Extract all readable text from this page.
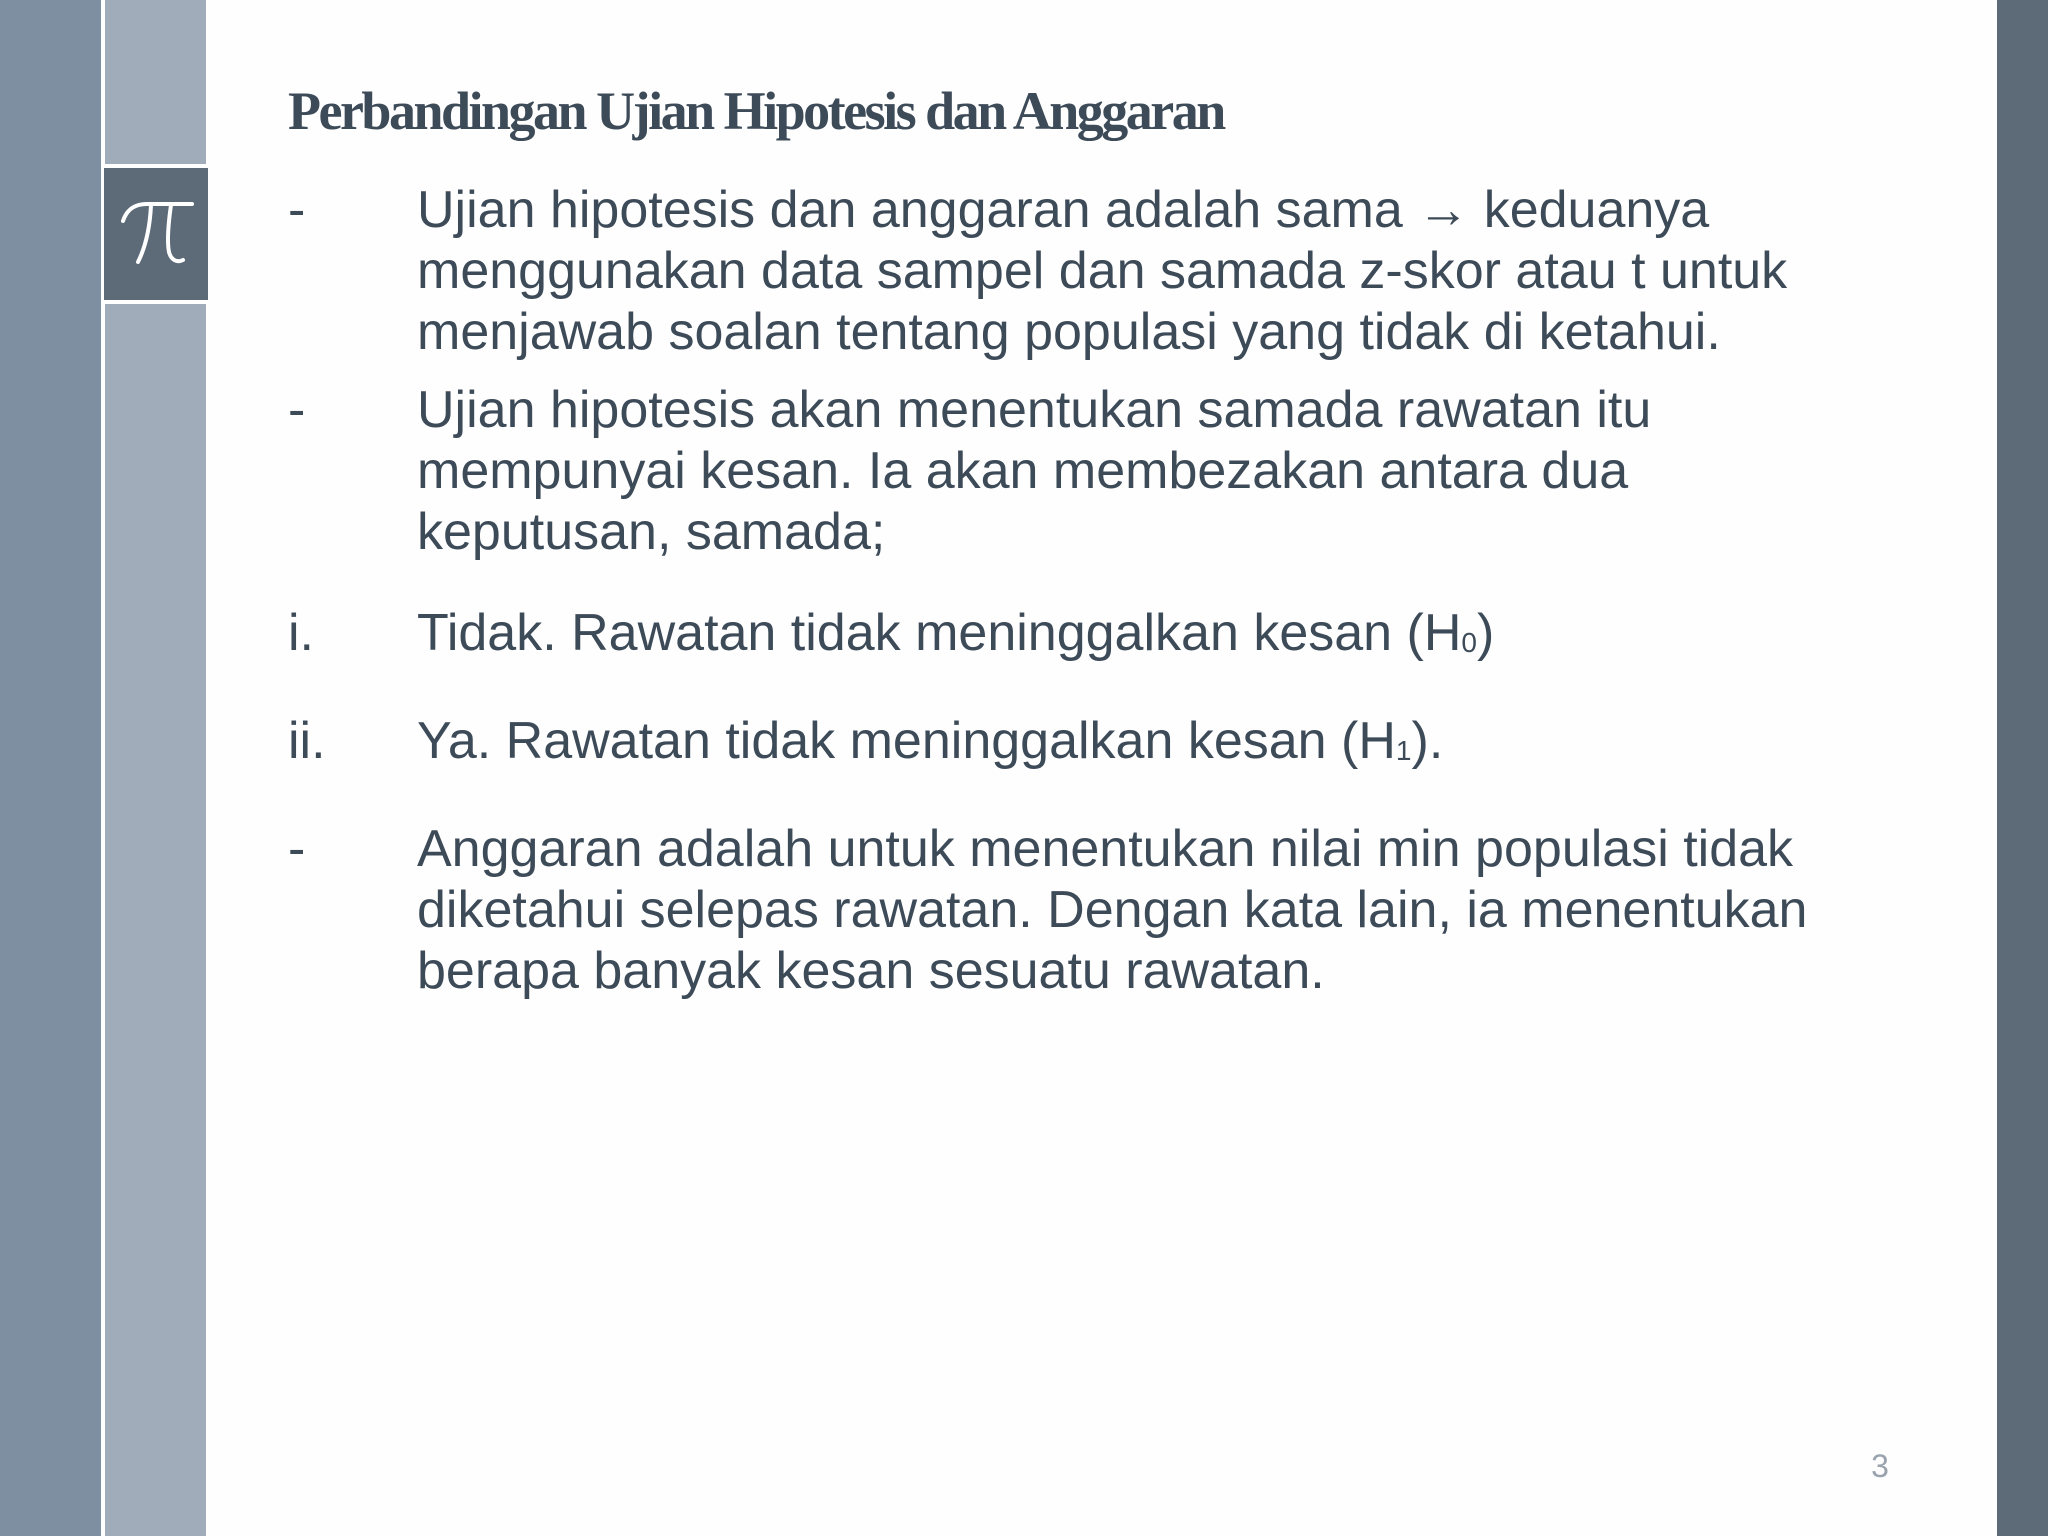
Perbandingan Ujian Hipotesis dan Anggaran
- Ujian hipotesis dan anggaran adalah sama → keduanya menggunakan data sampel dan samada z-skor atau t untuk menjawab soalan tentang populasi yang tidak di ketahui.
- Ujian hipotesis akan menentukan samada rawatan itu mempunyai kesan. Ia akan membezakan antara dua keputusan, samada;
i. Tidak. Rawatan tidak meninggalkan kesan $(H_0)$
ii. Ya. Rawatan tidak meninggalkan kesan $(H_1)$.
- Anggaran adalah untuk menentukan nilai min populasi tidak diketahui selepas rawatan. Dengan kata lain, ia menentukan berapa banyak kesan sesuatu rawatan.
3
